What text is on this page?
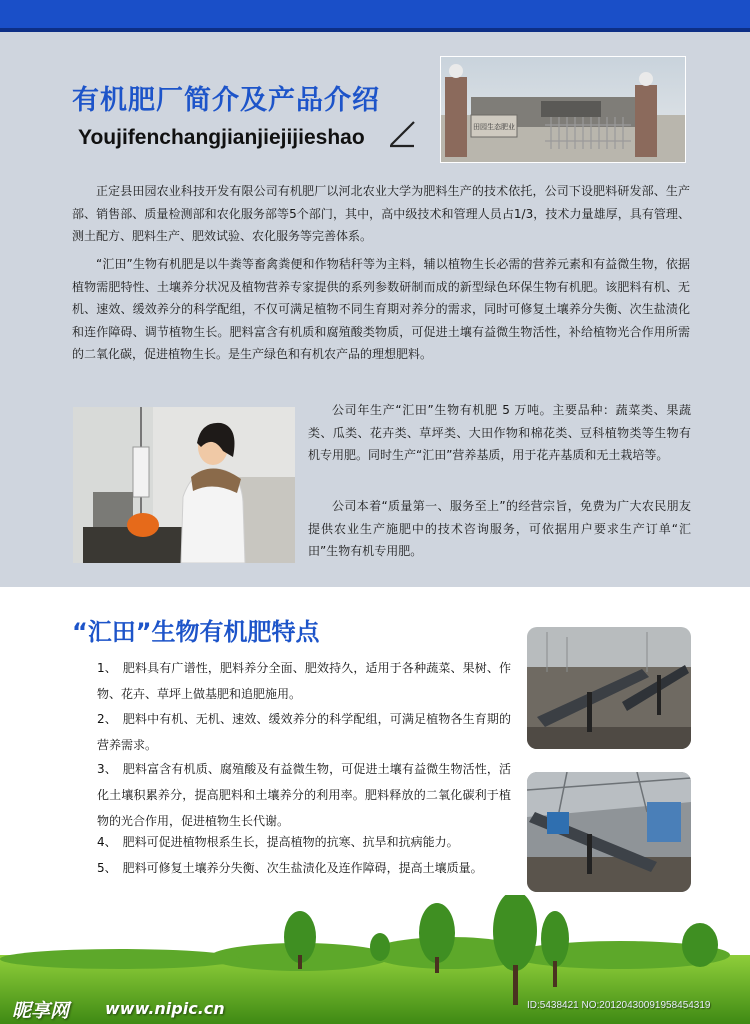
田园生态肥业
有机肥厂简介及产品介绍
Youjifenchangjianjiejijieshao
正定县田园农业科技开发有限公司有机肥厂以河北农业大学为肥料生产的技术依托，公司下设肥料研发部、生产部、销售部、质量检测部和农化服务部等5个部门，其中，高中级技术和管理人员占1/3，技术力量雄厚，具有管理、测土配方、肥料生产、肥效试验、农化服务等完善体系。
“汇田”生物有机肥是以牛粪等畜禽粪便和作物秸秆等为主料，辅以植物生长必需的营养元素和有益微生物，依据植物需肥特性、土壤养分状况及植物营养专家提供的系列参数研制而成的新型绿色环保生物有机肥。该肥料有机、无机、速效、缓效养分的科学配组，不仅可满足植物不同生育期对养分的需求，同时可修复土壤养分失衡、次生盐渍化和连作障碍、调节植物生长。肥料富含有机质和腐殖酸类物质，可促进土壤有益微生物活性，补给植物光合作用所需的二氧化碳，促进植物生长。是生产绿色和有机农产品的理想肥料。
公司年生产“汇田”生物有机肥 5 万吨。主要品种：蔬菜类、果蔬类、瓜类、花卉类、草坪类、大田作物和棉花类、豆科植物类等生物有机专用肥。同时生产“汇田”营养基质，用于花卉基质和无土栽培等。
公司本着“质量第一、服务至上”的经营宗旨，免费为广大农民朋友提供农业生产施肥中的技术咨询服务，可依据用户要求生产订单“汇田”生物有机专用肥。
“汇田”生物有机肥特点
1、 肥料具有广谱性，肥料养分全面、肥效持久，适用于各种蔬菜、果树、作物、花卉、草坪上做基肥和追肥施用。
2、 肥料中有机、无机、速效、缓效养分的科学配组，可满足植物各生育期的营养需求。
3、 肥料富含有机质、腐殖酸及有益微生物，可促进土壤有益微生物活性，活化土壤积累养分，提高肥料和土壤养分的利用率。肥料释放的二氧化碳利于植物的光合作用，促进植物生长代谢。
4、 肥料可促进植物根系生长，提高植物的抗寒、抗旱和抗病能力。
5、 肥料可修复土壤养分失衡、次生盐渍化及连作障碍，提高土壤质量。
昵享网 www.nipic.cn	ID:5438421 NO:20120430091958454319
